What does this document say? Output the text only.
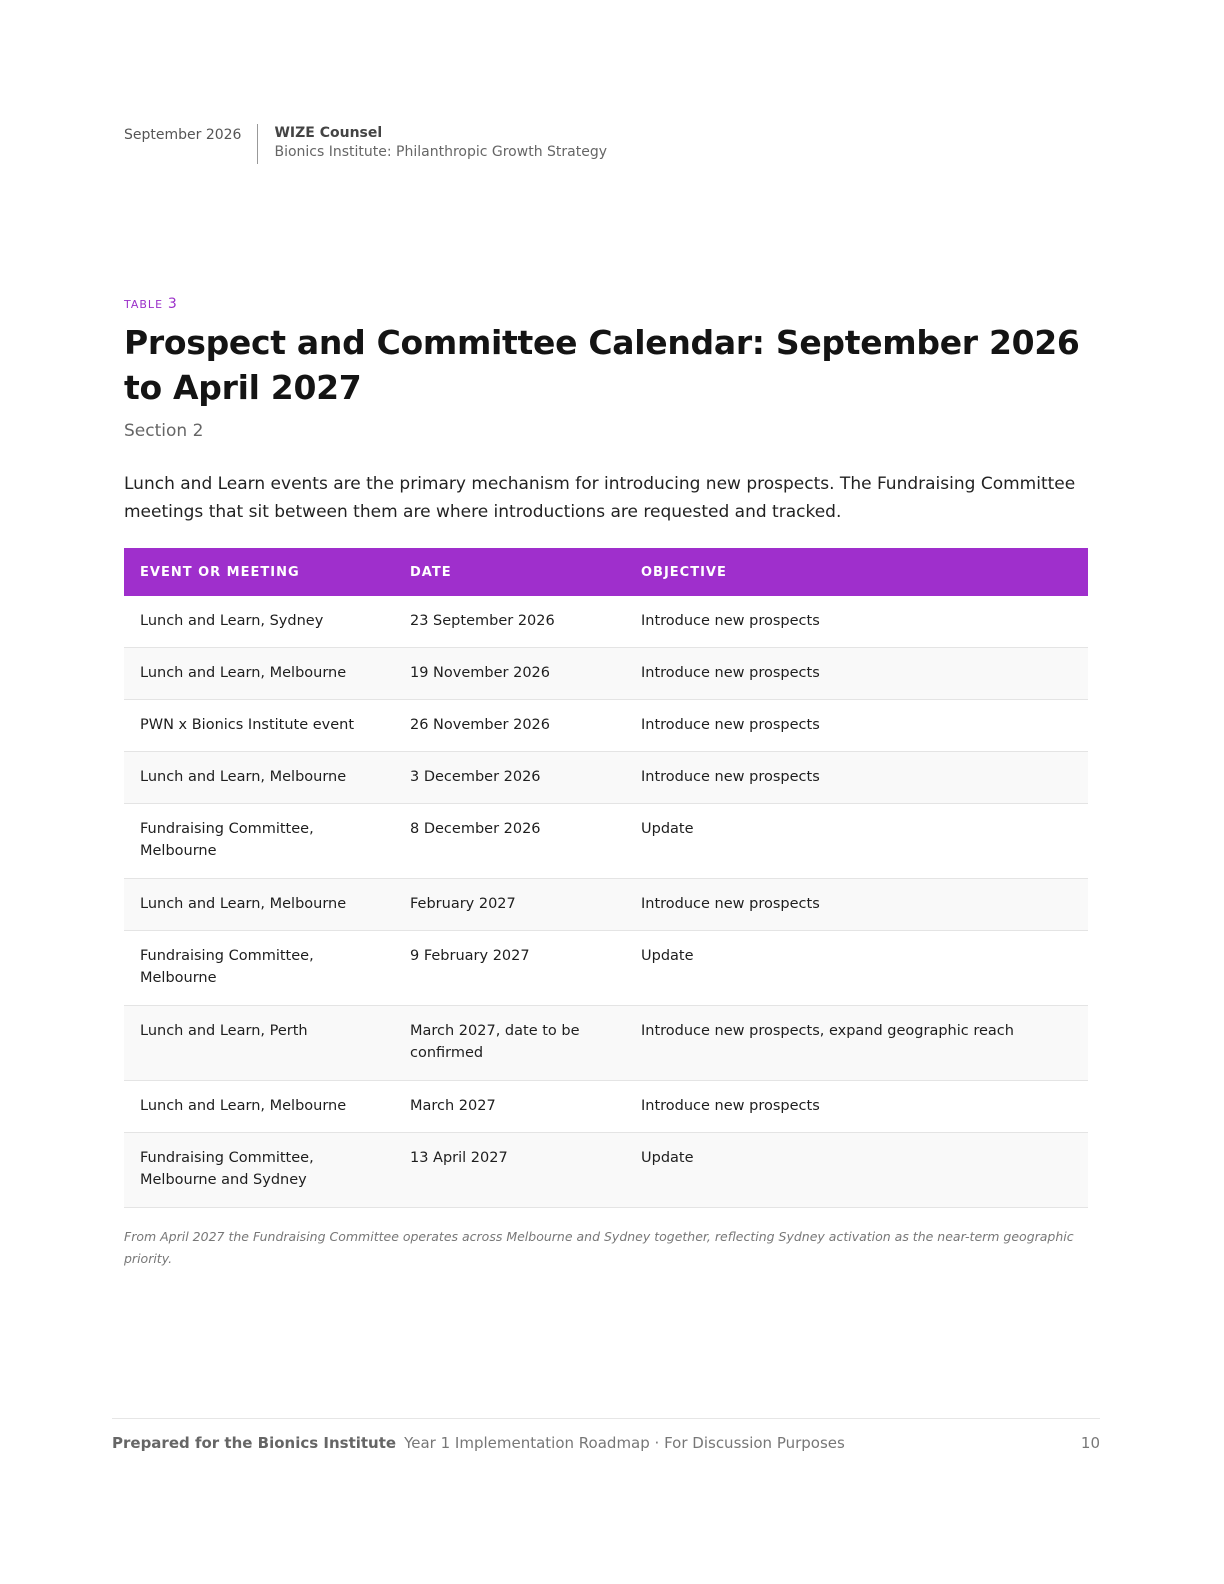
September 2026	WIZE Counsel
Bionics Institute: Philanthropic Growth Strategy
TABLE 3
Prospect and Committee Calendar: September 2026 to April 2027
Section 2

Lunch and Learn events are the primary mechanism for introducing new prospects. The Fundraising Committee meetings that sit between them are where introductions are requested and tracked.

EVENT OR MEETING	DATE	OBJECTIVE
Lunch and Learn, Sydney	23 September 2026	Introduce new prospects
Lunch and Learn, Melbourne	19 November 2026	Introduce new prospects
PWN x Bionics Institute event	26 November 2026	Introduce new prospects
Lunch and Learn, Melbourne	3 December 2026	Introduce new prospects

Fundraising Committee, Melbourne	8 December 2026	Update
Lunch and Learn, Melbourne	February 2027	Introduce new prospects

Fundraising Committee, Melbourne	9 February 2027	Update
Lunch and Learn, Perth	March 2027, date to be confirmed	Introduce new prospects, expand geographic reach
Lunch and Learn, Melbourne	March 2027	Introduce new prospects

Fundraising Committee, Melbourne and Sydney	13 April 2027	Update

From April 2027 the Fundraising Committee operates across Melbourne and Sydney together, reflecting Sydney activation as the near-term geographic priority.

Prepared for the Bionics Institute Year 1 Implementation Roadmap · For Discussion Purposes	10
